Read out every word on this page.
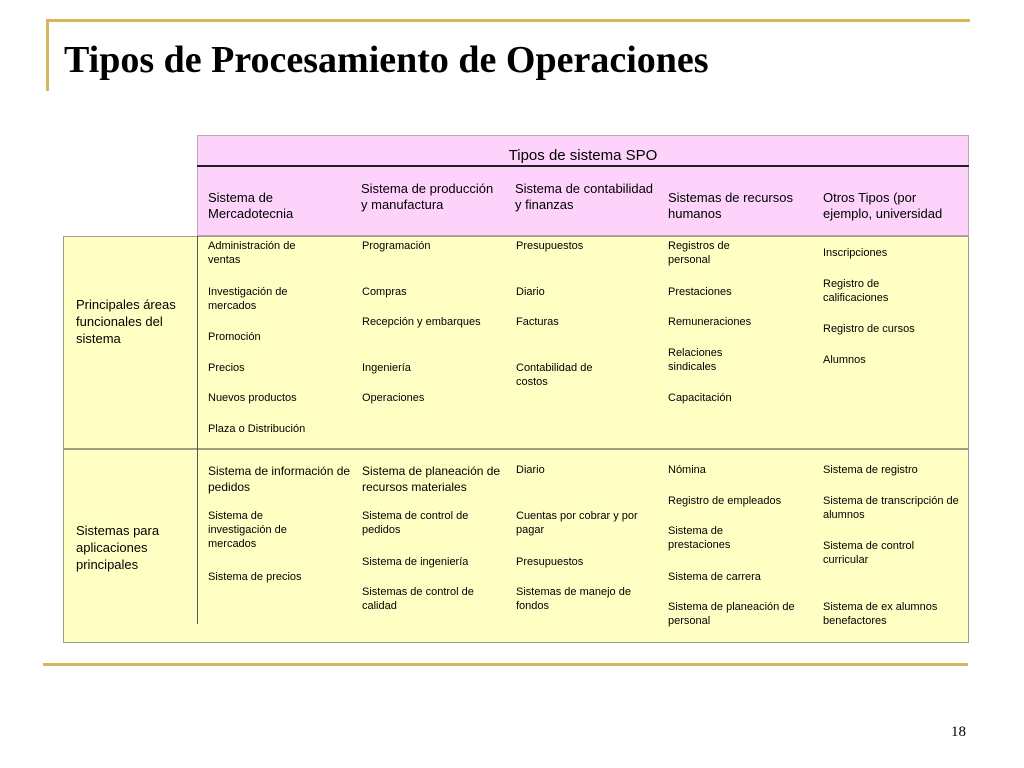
Tipos de Procesamiento de Operaciones
Tipos de sistema SPO
Sistema de Mercadotecnia
Sistema de producción y manufactura
Sistema de contabilidad y finanzas	Sistemas de recursos humanos
Otros Tipos (por ejemplo, universidad
Principales áreas funcionales del sistema
Sistemas para aplicaciones principales
Administración de ventas
Investigación de mercados
Promoción
Precios
Nuevos productos
Plaza o Distribución
Programación
Compras
Recepción y embarques
Ingeniería
Operaciones
Presupuestos
Diario
Facturas
Contabilidad de costos
Registros de personal
Prestaciones
Remuneraciones
Relaciones sindicales
Capacitación
Inscripciones
Registro de calificaciones
Registro de cursos
Alumnos
Sistema de información de pedidos
Sistema de investigación de mercados
Sistema de precios
Sistema de planeación de recursos materiales
Sistema de control de pedidos
Sistema de ingeniería
Sistemas de control de calidad
Diario
Cuentas por cobrar y por pagar
Presupuestos
Sistemas de manejo de fondos
Nómina
Registro de empleados
Sistema de prestaciones
Sistema de carrera
Sistema de planeación de personal
Sistema de registro
Sistema de transcripción de alumnos
Sistema de control curricular
Sistema de ex alumnos benefactores
18
